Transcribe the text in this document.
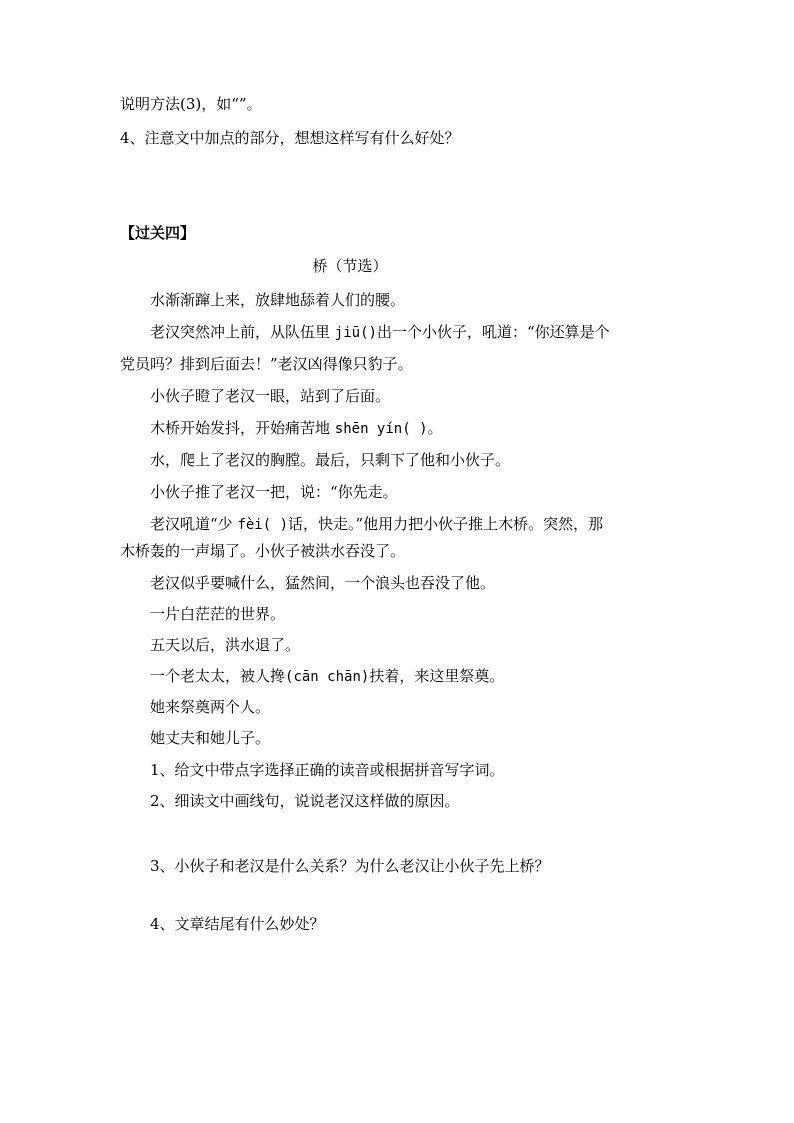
说明方法(3)，如“”。
4、注意文中加点的部分，想想这样写有什么好处？
【过关四】
桥（节选）
水渐渐蹿上来，放肆地舔着人们的腰。
老汉突然冲上前，从队伍里 jiū()出一个小伙子，吼道：“你还算是个
党员吗？排到后面去！”老汉凶得像只豹子。
小伙子瞪了老汉一眼，站到了后面。
木桥开始发抖，开始痛苦地 shēn yín( )。
水，爬上了老汉的胸膛。最后，只剩下了他和小伙子。
小伙子推了老汉一把，说：“你先走。
老汉吼道“少 fèi( )话，快走。”他用力把小伙子推上木桥。突然，那
木桥轰的一声塌了。小伙子被洪水吞没了。
老汉似乎要喊什么，猛然间，一个浪头也吞没了他。
一片白茫茫的世界。
五天以后，洪水退了。
一个老太太，被人搀(cān chān)扶着，来这里祭奠。
她来祭奠两个人。
她丈夫和她儿子。
1、给文中带点字选择正确的读音或根据拼音写字词。
2、细读文中画线句，说说老汉这样做的原因。
3、小伙子和老汉是什么关系？为什么老汉让小伙子先上桥？
4、文章结尾有什么妙处？
